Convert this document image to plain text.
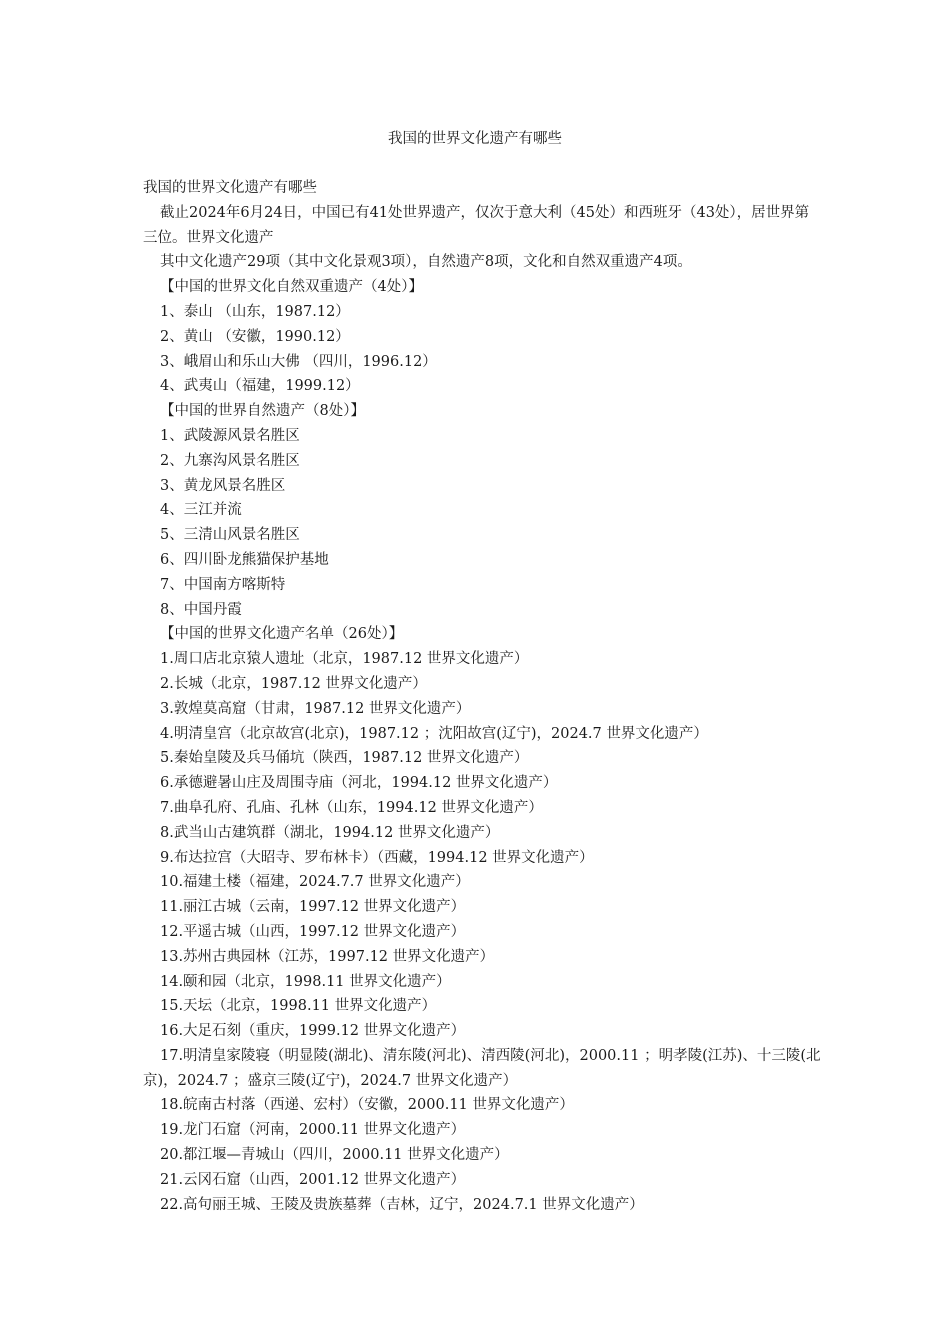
我国的世界文化遗产有哪些

我国的世界文化遗产有哪些

截止2024年6月24日，中国已有41处世界遗产，仅次于意大利（45处）和西班牙（43处），居世界第三位。世界文化遗产

其中文化遗产29项（其中文化景观3项），自然遗产8项，文化和自然双重遗产4项。

【中国的世界文化自然双重遗产（4处）】

1、泰山 （山东，1987.12）

2、黄山 （安徽，1990.12）

3、峨眉山和乐山大佛 （四川，1996.12）

4、武夷山（福建，1999.12）

【中国的世界自然遗产（8处）】

1、武陵源风景名胜区

2、九寨沟风景名胜区

3、黄龙风景名胜区

4、三江并流

5、三清山风景名胜区

6、四川卧龙熊猫保护基地

7、中国南方喀斯特

8、中国丹霞

【中国的世界文化遗产名单（26处）】

1.周口店北京猿人遗址（北京，1987.12 世界文化遗产）

2.长城（北京，1987.12 世界文化遗产）

3.敦煌莫高窟（甘肃，1987.12 世界文化遗产）

4.明清皇宫（北京故宫(北京)，1987.12 ；沈阳故宫(辽宁)，2024.7 世界文化遗产）

5.秦始皇陵及兵马俑坑（陕西，1987.12 世界文化遗产）

6.承德避暑山庄及周围寺庙（河北，1994.12 世界文化遗产）

7.曲阜孔府、孔庙、孔林（山东，1994.12 世界文化遗产）

8.武当山古建筑群（湖北，1994.12 世界文化遗产）

9.布达拉宫（大昭寺、罗布林卡）（西藏，1994.12 世界文化遗产）

10.福建土楼（福建，2024.7.7 世界文化遗产）

11.丽江古城（云南，1997.12 世界文化遗产）

12.平遥古城（山西，1997.12 世界文化遗产）

13.苏州古典园林（江苏，1997.12 世界文化遗产）

14.颐和园（北京，1998.11 世界文化遗产）

15.天坛（北京，1998.11 世界文化遗产）

16.大足石刻（重庆，1999.12 世界文化遗产）

17.明清皇家陵寝（明显陵(湖北)、清东陵(河北)、清西陵(河北)，2000.11 ；明孝陵(江苏)、十三陵(北京)，2024.7 ；盛京三陵(辽宁)，2024.7 世界文化遗产）

18.皖南古村落（西递、宏村）（安徽，2000.11 世界文化遗产）

19.龙门石窟（河南，2000.11 世界文化遗产）

20.都江堰—青城山（四川，2000.11 世界文化遗产）

21.云冈石窟（山西，2001.12 世界文化遗产）

22.高句丽王城、王陵及贵族墓葬（吉林，辽宁，2024.7.1 世界文化遗产）
